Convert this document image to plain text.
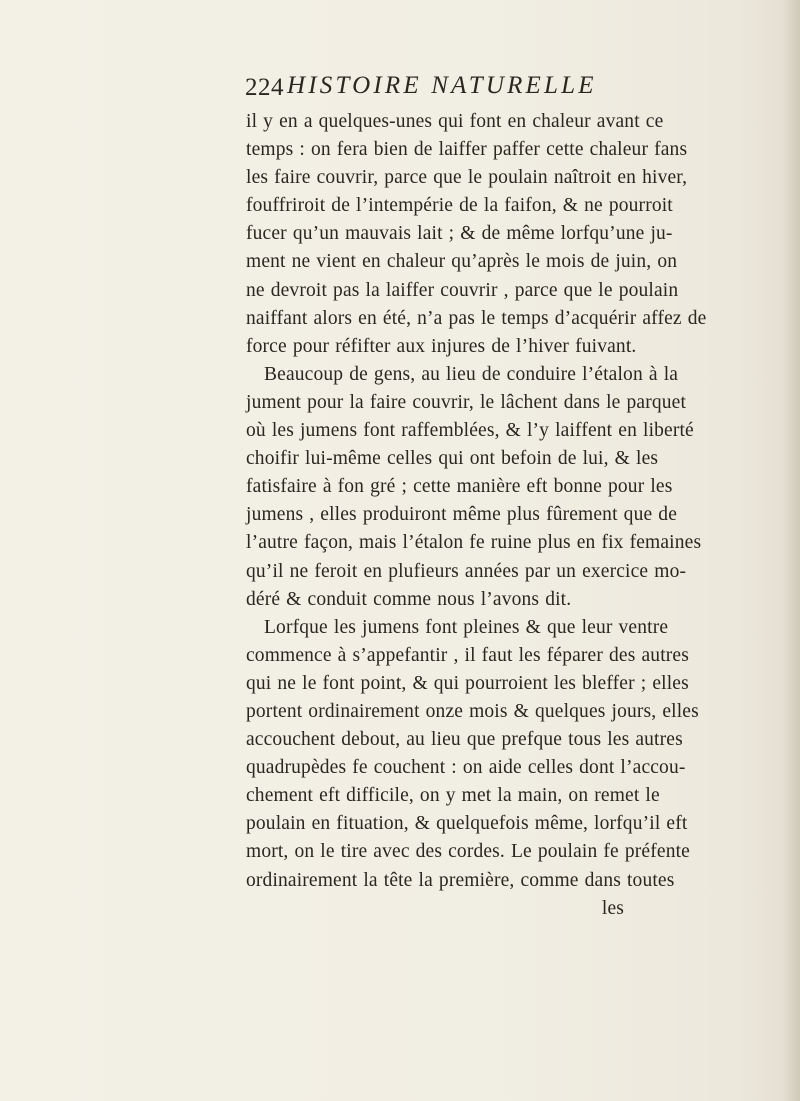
224 HISTOIRE NATURELLE
il y en a quelques-unes qui font en chaleur avant ce
temps : on fera bien de laiffer paffer cette chaleur fans
les faire couvrir, parce que le poulain naîtroit en hiver,
fouffriroit de l’intempérie de la faifon, & ne pourroit
fucer qu’un mauvais lait ; & de même lorfqu’une ju-
ment ne vient en chaleur qu’après le mois de juin, on
ne devroit pas la laiffer couvrir , parce que le poulain
naiffant alors en été, n’a pas le temps d’acquérir affez de
force pour réfifter aux injures de l’hiver fuivant.
Beaucoup de gens, au lieu de conduire l’étalon à la
jument pour la faire couvrir, le lâchent dans le parquet
où les jumens font raffemblées, & l’y laiffent en liberté
choifir lui-même celles qui ont befoin de lui, & les
fatisfaire à fon gré ; cette manière eft bonne pour les
jumens , elles produiront même plus fûrement que de
l’autre façon, mais l’étalon fe ruine plus en fix femaines
qu’il ne feroit en plufieurs années par un exercice mo-
déré & conduit comme nous l’avons dit.
Lorfque les jumens font pleines & que leur ventre
commence à s’appefantir , il faut les féparer des autres
qui ne le font point, & qui pourroient les bleffer ; elles
portent ordinairement onze mois & quelques jours, elles
accouchent debout, au lieu que prefque tous les autres
quadrupèdes fe couchent : on aide celles dont l’accou-
chement eft difficile, on y met la main, on remet le
poulain en fituation, & quelquefois même, lorfqu’il eft
mort, on le tire avec des cordes. Le poulain fe préfente
ordinairement la tête la première, comme dans toutes
les
